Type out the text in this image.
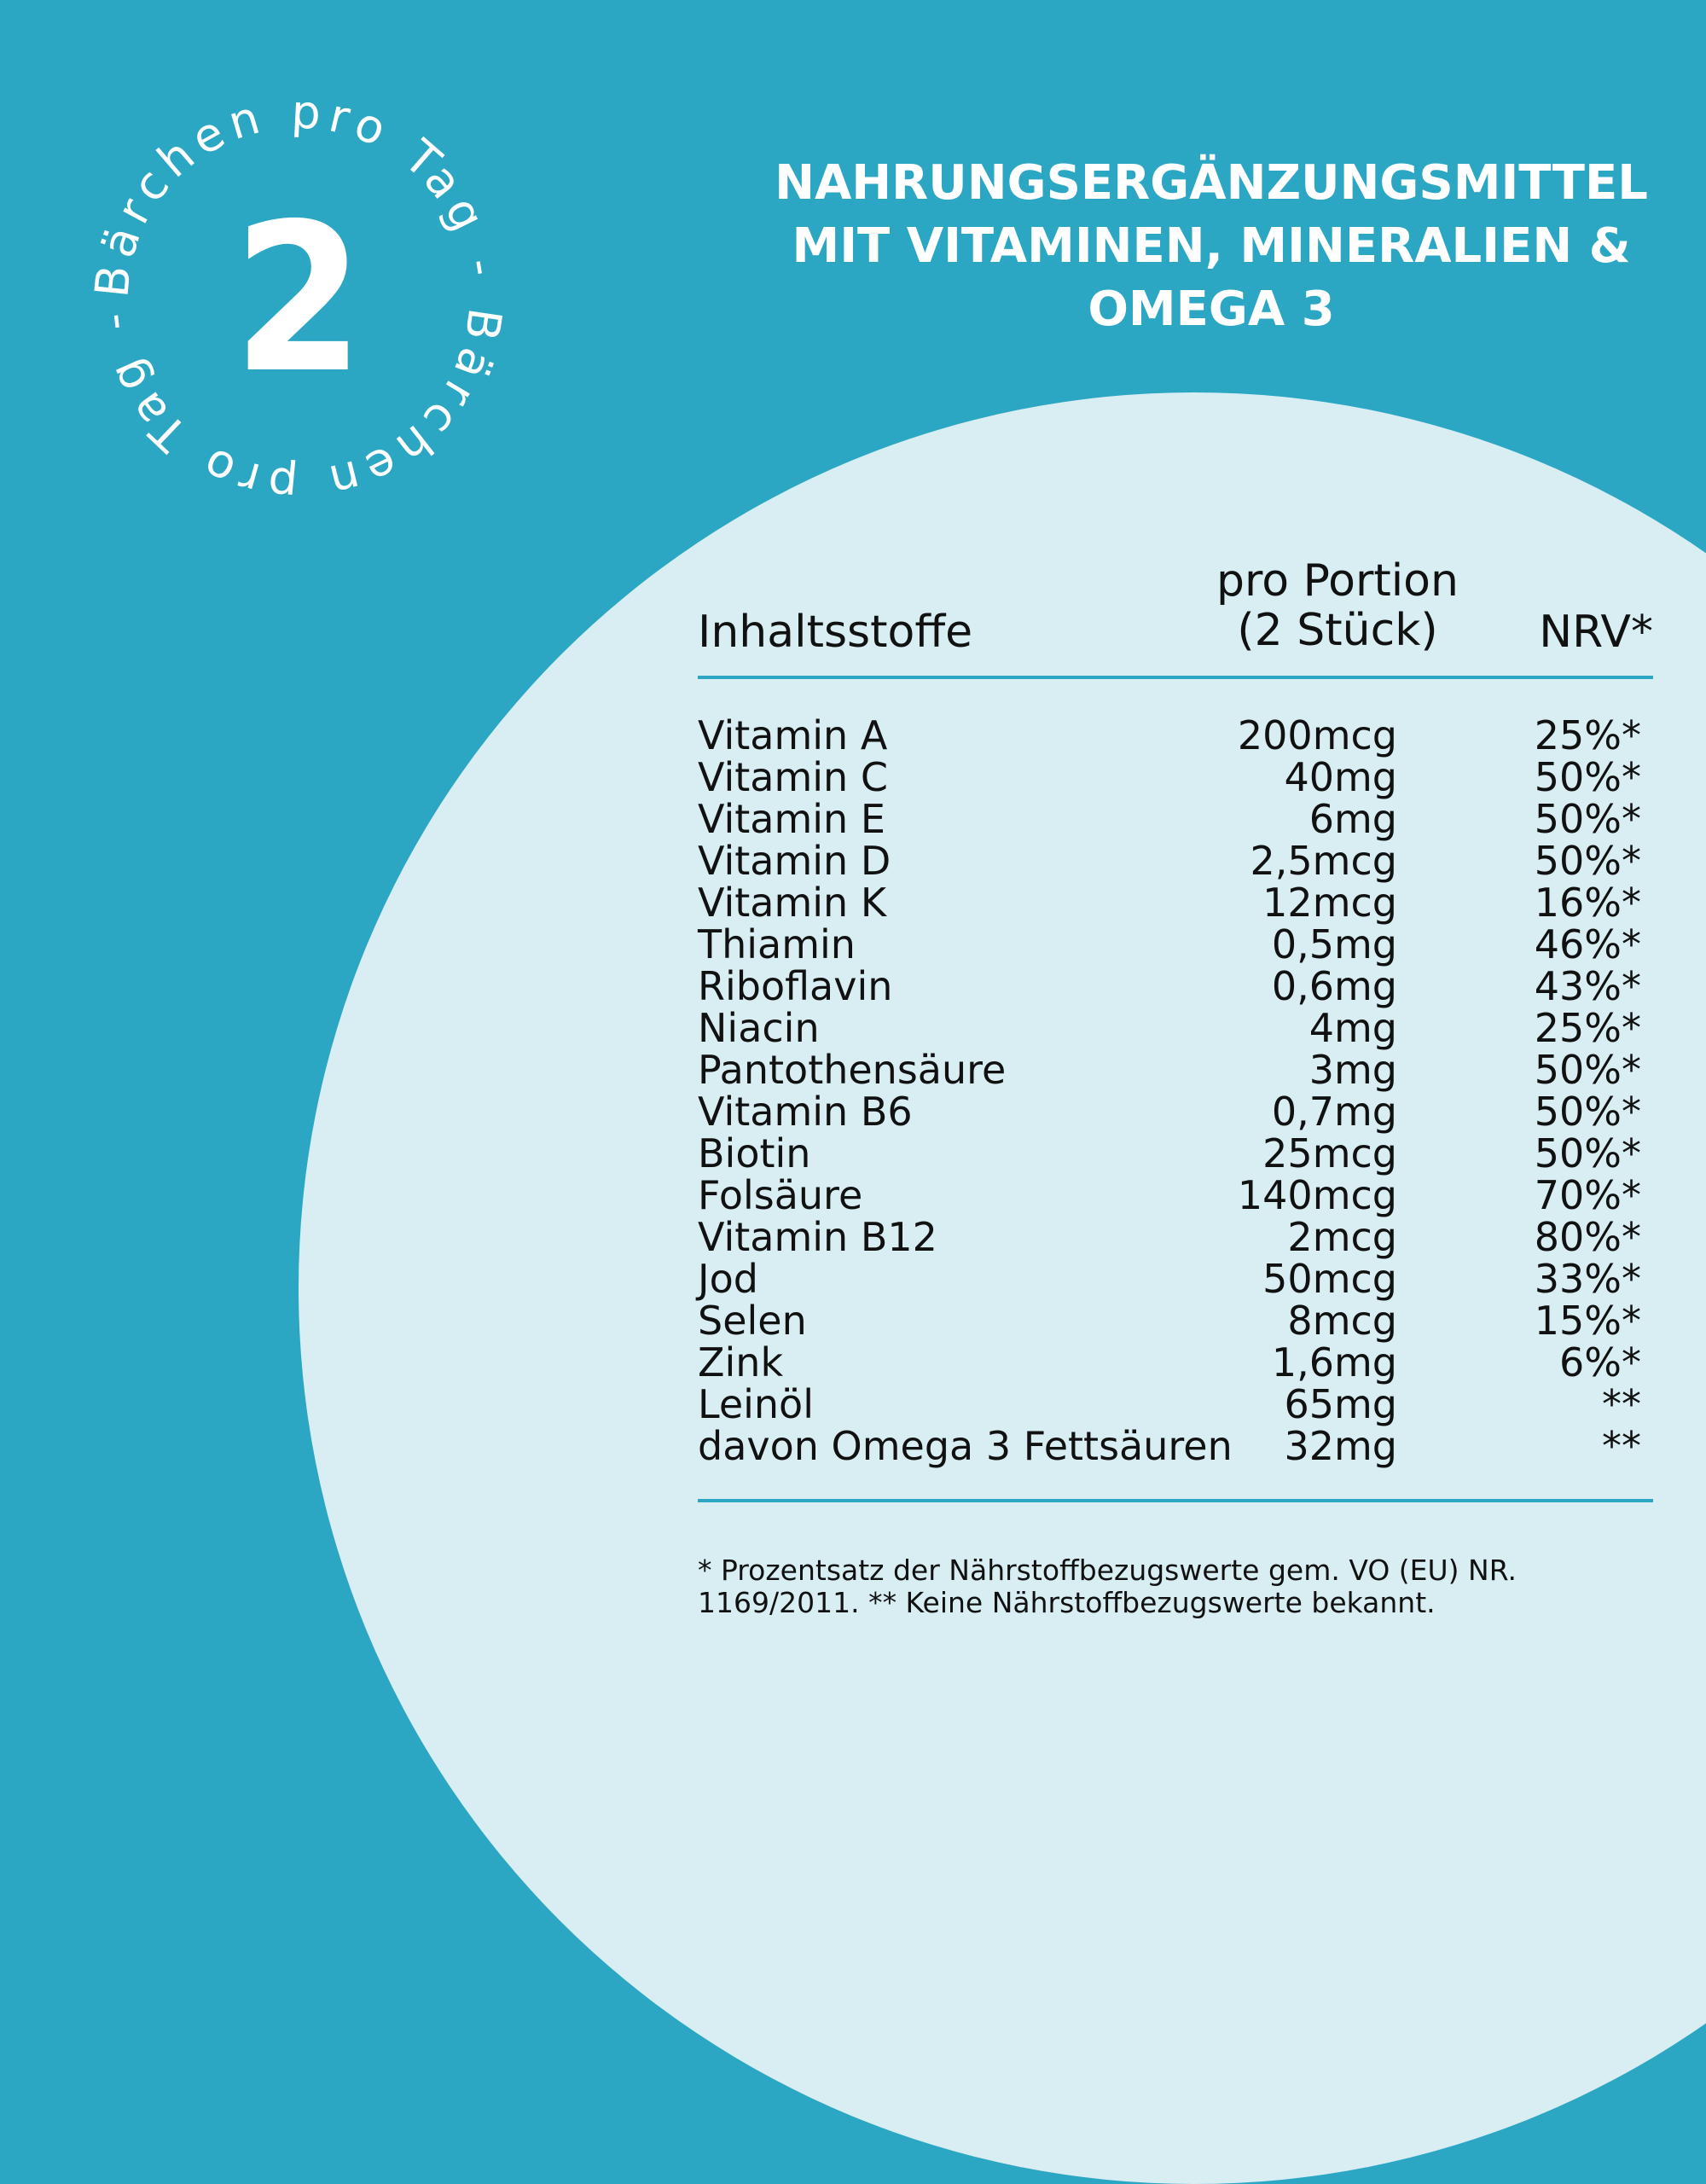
Bärchen pro Tag - Bärchen pro Tag - 2	NAHRUNGSERGÄNZUNGSMITTEL
MIT VITAMINEN, MINERALIEN &
OMEGA 3
Inhaltsstoffe
pro Portion
(2 Stück)	NRV*
Vitamin A	200mcg	25%*
Vitamin C	40mg	50%*
Vitamin E	6mg	50%*
Vitamin D	2,5mcg	50%*
Vitamin K	12mcg	16%*
Thiamin	0,5mg	46%*
Riboflavin	0,6mg	43%*
Niacin	4mg	25%*
Pantothensäure	3mg	50%*
Vitamin B6	0,7mg	50%*
Biotin	25mcg	50%*
Folsäure	140mcg	70%*
Vitamin B12	2mcg	80%*
Jod	50mcg	33%*
Selen	8mcg	15%*
Zink	1,6mg	6%*
Leinöl	65mg	**
davon Omega 3 Fettsäuren 32mg	**
* Prozentsatz der Nährstoffbezugswerte gem. VO (EU) NR.
1169/2011. ** Keine Nährstoffbezugswerte bekannt.
